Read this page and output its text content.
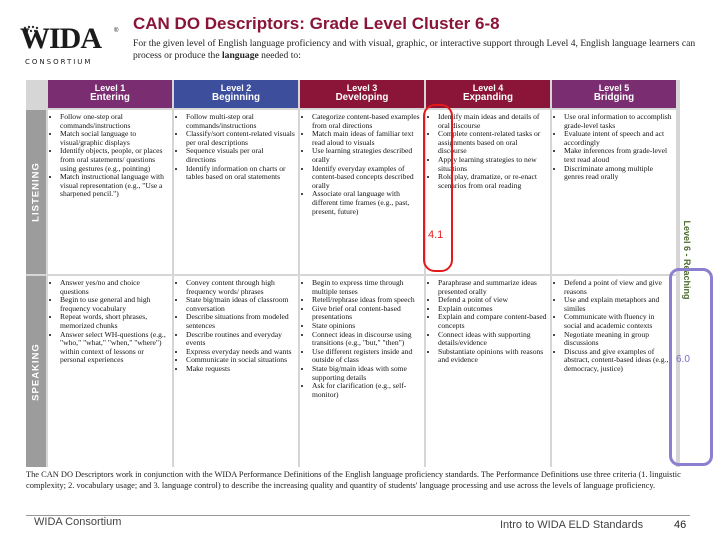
WIDA ®
CONSORTIUM
CAN DO Descriptors: Grade Level Cluster 6-8
For the given level of English language proficiency and with visual, graphic, or interactive support through Level 4, English language learners can process or produce the language needed to:
Level 6 - Reaching
Level 1
Entering
Level 2
Beginning
Level 3
Developing
Level 4
Expanding
Level 5
Bridging
LISTENING
• Follow one-step oral commands/instructions
• Match social language to visual/graphic displays
• Identify objects, people, or places from oral statements/ questions using gestures (e.g., pointing)
• Match instructional language with visual representation (e.g., "Use a sharpened pencil.")
• Follow multi-step oral commands/instructions
• Classify/sort content-related visuals per oral descriptions
• Sequence visuals per oral directions
• Identify information on charts or tables based on oral statements
• Categorize content-based examples from oral directions
• Match main ideas of familiar text read aloud to visuals
• Use learning strategies described orally
• Identify everyday examples of content-based concepts described orally
• Associate oral language with different time frames (e.g., past, present, future)
• Identify main ideas and details of oral discourse
• Complete content-related tasks or assignments based on oral discourse
• Apply learning strategies to new situations
• Role play, dramatize, or re-enact scenarios from oral reading
• Use oral information to accomplish grade-level tasks
• Evaluate intent of speech and act accordingly
• Make inferences from grade-level text read aloud
• Discriminate among multiple genres read orally
SPEAKING
• Answer yes/no and choice questions
• Begin to use general and high frequency vocabulary
• Repeat words, short phrases, memorized chunks
• Answer select WH-questions (e.g., "who," "what," "when," "where") within context of lessons or personal experiences
• Convey content through high frequency words/ phrases
• State big/main ideas of classroom conversation
• Describe situations from modeled sentences
• Describe routines and everyday events
• Express everyday needs and wants
• Communicate in social situations
• Make requests
• Begin to express time through multiple tenses
• Retell/rephrase ideas from speech
• Give brief oral content-based presentations
• State opinions
• Connect ideas in discourse using transitions (e.g., "but," "then")
• Use different registers inside and outside of class
• State big/main ideas with some supporting details
• Ask for clarification (e.g., self-monitor)
• Paraphrase and summarize ideas presented orally
• Defend a point of view
• Explain outcomes
• Explain and compare content-based concepts
• Connect ideas with supporting details/evidence
• Substantiate opinions with reasons and evidence
• Defend a point of view and give reasons
• Use and explain metaphors and similes
• Communicate with fluency in social and academic contexts
• Negotiate meaning in group discussions
• Discuss and give examples of abstract, content-based ideas (e.g., democracy, justice)
4.1
6.0
The CAN DO Descriptors work in conjunction with the WIDA Performance Definitions of the English language proficiency standards. The Performance Definitions use three criteria (1. linguistic complexity; 2. vocabulary usage; and 3. language control) to describe the increasing quality and quantity of students' language processing and use across the levels of language proficiency.
WIDA Consortium	Intro to WIDA ELD Standards	46
